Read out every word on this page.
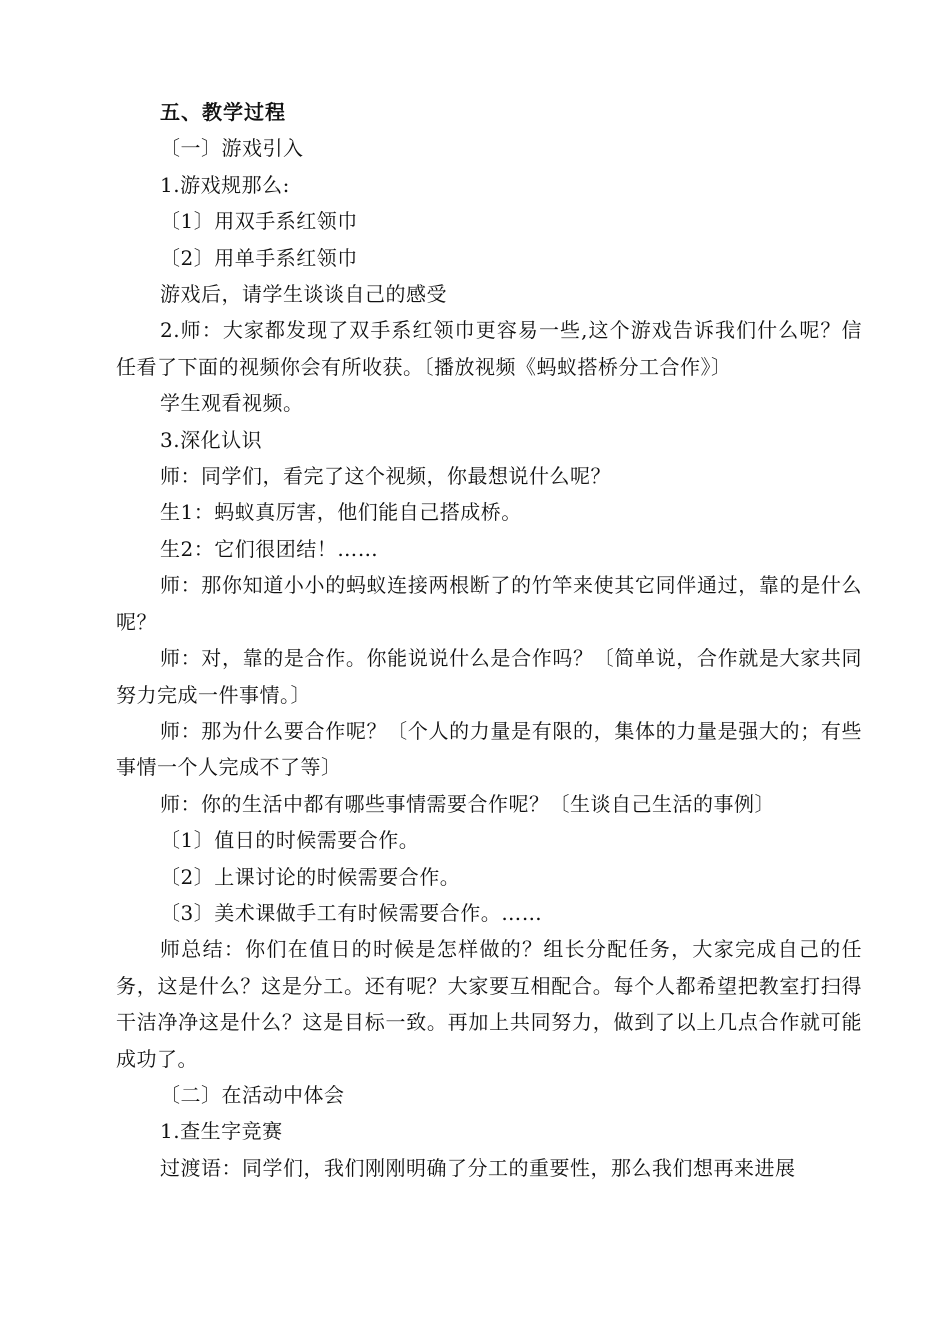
五、教学过程

〔一〕游戏引入

1.游戏规那么:

〔1〕用双手系红领巾

〔2〕用单手系红领巾

游戏后，请学生谈谈自己的感受

2.师：大家都发现了双手系红领巾更容易一些,这个游戏告诉我们什么呢？信任看了下面的视频你会有所收获。〔播放视频《蚂蚁搭桥分工合作》〕

学生观看视频。

3.深化认识

师：同学们，看完了这个视频，你最想说什么呢？

生1：蚂蚁真厉害，他们能自己搭成桥。

生2：它们很团结！……

师：那你知道小小的蚂蚁连接两根断了的竹竿来使其它同伴通过，靠的是什么呢？

师：对，靠的是合作。你能说说什么是合作吗？〔简单说，合作就是大家共同努力完成一件事情。〕

师：那为什么要合作呢？〔个人的力量是有限的，集体的力量是强大的；有些事情一个人完成不了等〕

师：你的生活中都有哪些事情需要合作呢？〔生谈自己生活的事例〕

〔1〕值日的时候需要合作。

〔2〕上课讨论的时候需要合作。

〔3〕美术课做手工有时候需要合作。……

师总结：你们在值日的时候是怎样做的？组长分配任务，大家完成自己的任务，这是什么？这是分工。还有呢？大家要互相配合。每个人都希望把教室打扫得干洁净净这是什么？这是目标一致。再加上共同努力，做到了以上几点合作就可能成功了。

〔二〕在活动中体会

1.查生字竞赛

过渡语：同学们，我们刚刚明确了分工的重要性，那么我们想再来进展
